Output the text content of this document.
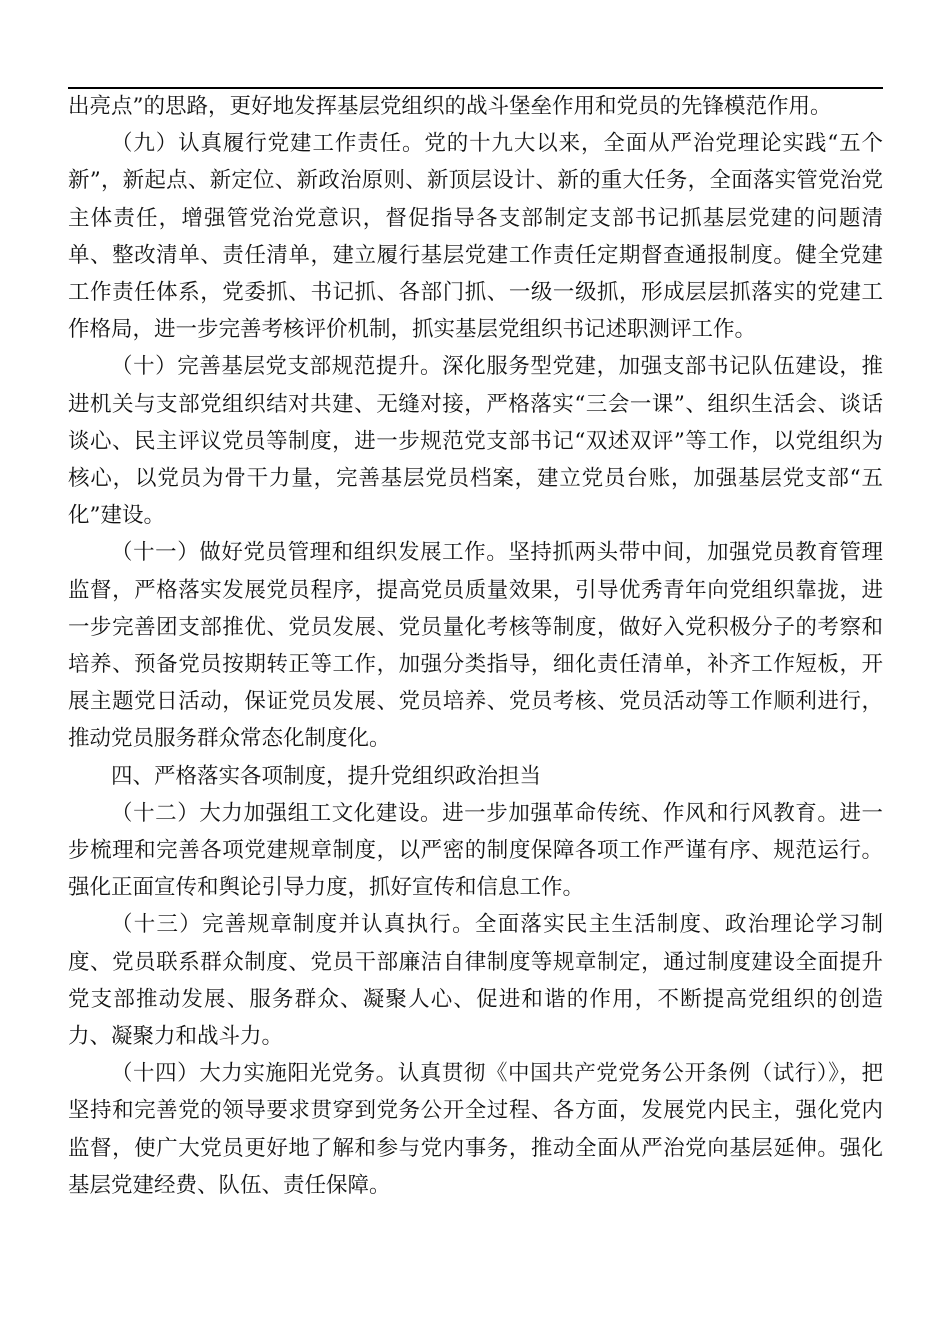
出亮点”的思路，更好地发挥基层党组织的战斗堡垒作用和党员的先锋模范作用。

（九）认真履行党建工作责任。党的十九大以来，全面从严治党理论实践“五个新”，新起点、新定位、新政治原则、新顶层设计、新的重大任务，全面落实管党治党主体责任，增强管党治党意识，督促指导各支部制定支部书记抓基层党建的问题清单、整改清单、责任清单，建立履行基层党建工作责任定期督查通报制度。健全党建工作责任体系，党委抓、书记抓、各部门抓、一级一级抓，形成层层抓落实的党建工作格局，进一步完善考核评价机制，抓实基层党组织书记述职测评工作。

（十）完善基层党支部规范提升。深化服务型党建，加强支部书记队伍建设，推进机关与支部党组织结对共建、无缝对接，严格落实“三会一课”、组织生活会、谈话谈心、民主评议党员等制度，进一步规范党支部书记“双述双评”等工作，以党组织为核心，以党员为骨干力量，完善基层党员档案，建立党员台账，加强基层党支部“五化”建设。

（十一）做好党员管理和组织发展工作。坚持抓两头带中间，加强党员教育管理监督，严格落实发展党员程序，提高党员质量效果，引导优秀青年向党组织靠拢，进一步完善团支部推优、党员发展、党员量化考核等制度，做好入党积极分子的考察和培养、预备党员按期转正等工作，加强分类指导，细化责任清单，补齐工作短板，开展主题党日活动，保证党员发展、党员培养、党员考核、党员活动等工作顺利进行，推动党员服务群众常态化制度化。

四、严格落实各项制度，提升党组织政治担当

（十二）大力加强组工文化建设。进一步加强革命传统、作风和行风教育。进一步梳理和完善各项党建规章制度，以严密的制度保障各项工作严谨有序、规范运行。强化正面宣传和舆论引导力度，抓好宣传和信息工作。

（十三）完善规章制度并认真执行。全面落实民主生活制度、政治理论学习制度、党员联系群众制度、党员干部廉洁自律制度等规章制定，通过制度建设全面提升党支部推动发展、服务群众、凝聚人心、促进和谐的作用，不断提高党组织的创造力、凝聚力和战斗力。

（十四）大力实施阳光党务。认真贯彻《中国共产党党务公开条例（试行）》，把坚持和完善党的领导要求贯穿到党务公开全过程、各方面，发展党内民主，强化党内监督，使广大党员更好地了解和参与党内事务，推动全面从严治党向基层延伸。强化基层党建经费、队伍、责任保障。
